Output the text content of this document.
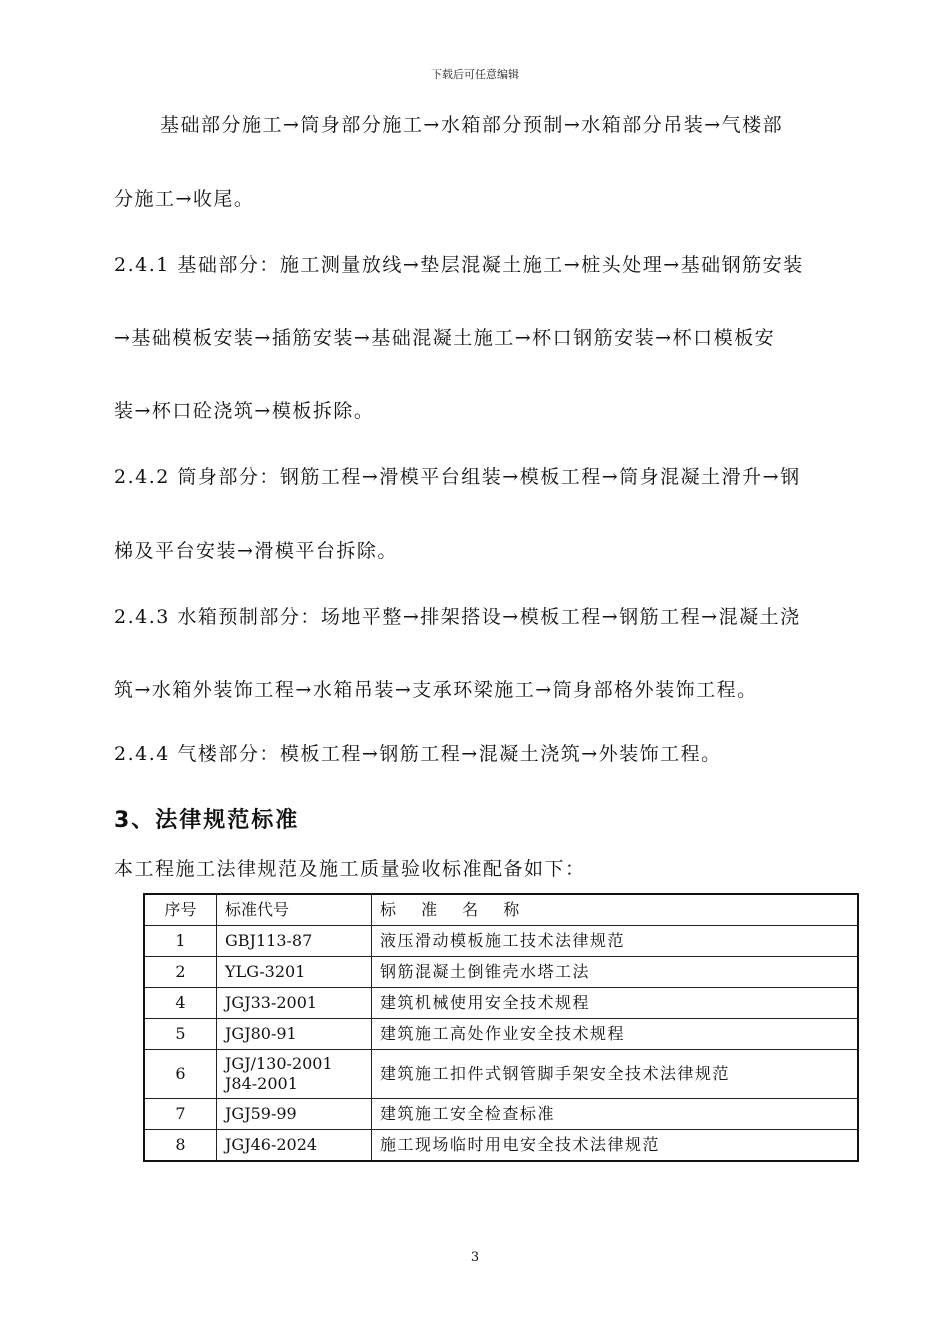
下载后可任意编辑
基础部分施工→筒身部分施工→水箱部分预制→水箱部分吊装→气楼部
分施工→收尾。
2.4.1 基础部分：施工测量放线→垫层混凝土施工→桩头处理→基础钢筋安装
→基础模板安装→插筋安装→基础混凝土施工→杯口钢筋安装→杯口模板安
装→杯口砼浇筑→模板拆除。
2.4.2 筒身部分：钢筋工程→滑模平台组装→模板工程→筒身混凝土滑升→钢
梯及平台安装→滑模平台拆除。
2.4.3 水箱预制部分：场地平整→排架搭设→模板工程→钢筋工程→混凝土浇
筑→水箱外装饰工程→水箱吊装→支承环梁施工→筒身部格外装饰工程。
2.4.4 气楼部分：模板工程→钢筋工程→混凝土浇筑→外装饰工程。
3、法律规范标准
本工程施工法律规范及施工质量验收标准配备如下：
序号	标准代号	标 准 名 称
1	GBJ113-87	液压滑动模板施工技术法律规范
2	YLG-3201	钢筋混凝土倒锥壳水塔工法
4	JGJ33-2001	建筑机械使用安全技术规程
5	JGJ80-91	建筑施工高处作业安全技术规程
6	JGJ/130-2001
J84-2001	建筑施工扣件式钢管脚手架安全技术法律规范
7	JGJ59-99	建筑施工安全检查标准
8	JGJ46-2024	施工现场临时用电安全技术法律规范
3
